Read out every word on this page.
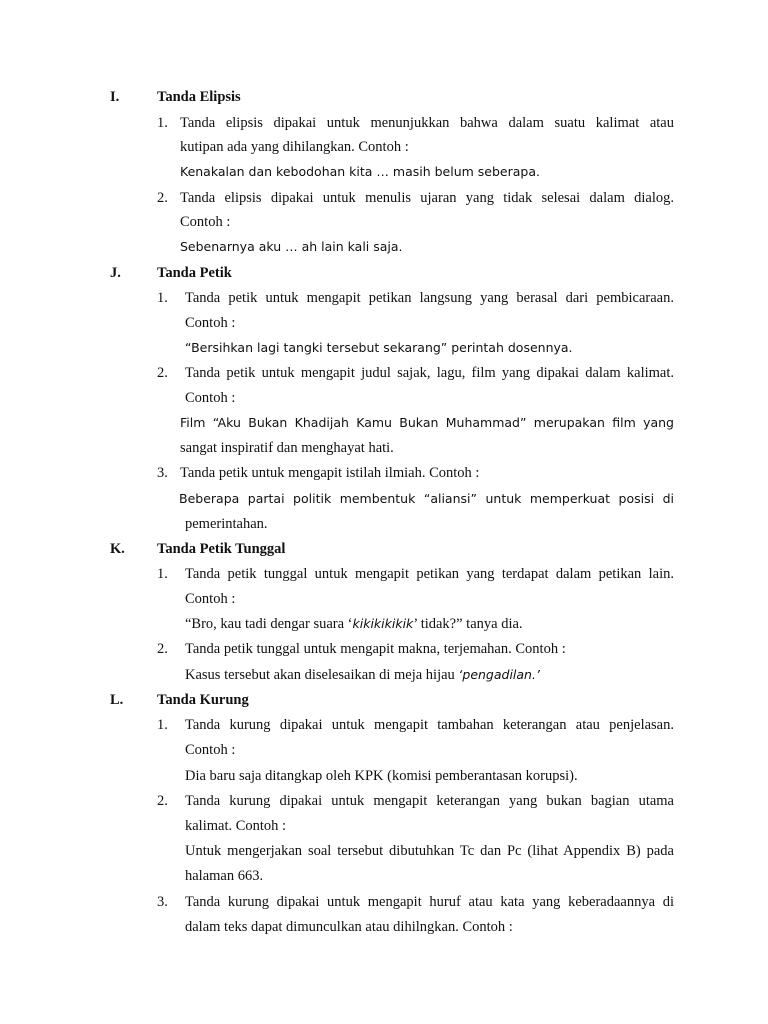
I.	Tanda Elipsis
1. Tanda elipsis dipakai untuk menunjukkan bahwa dalam suatu kalimat atau
kutipan ada yang dihilangkan. Contoh :
Kenakalan dan kebodohan kita … masih belum seberapa.
2. Tanda elipsis dipakai untuk menulis ujaran yang tidak selesai dalam dialog.
Contoh :
Sebenarnya aku … ah lain kali saja.
J. Tanda Petik
1. Tanda petik untuk mengapit petikan langsung yang berasal dari pembicaraan.
Contoh :
“Bersihkan lagi tangki tersebut sekarang” perintah dosennya.
2. Tanda petik untuk mengapit judul sajak, lagu, film yang dipakai dalam kalimat.
Contoh :
Film “Aku Bukan Khadijah Kamu Bukan Muhammad” merupakan film yang
sangat inspiratif dan menghayat hati.
3. Tanda petik untuk mengapit istilah ilmiah. Contoh :
Beberapa partai politik membentuk “aliansi” untuk memperkuat posisi di
pemerintahan.
K. Tanda Petik Tunggal
1. Tanda petik tunggal untuk mengapit petikan yang terdapat dalam petikan lain.
Contoh :
“Bro, kau tadi dengar suara ‘kikikikikik’ tidak?” tanya dia.
2. Tanda petik tunggal untuk mengapit makna, terjemahan. Contoh :
Kasus tersebut akan diselesaikan di meja hijau ‘pengadilan.’
L. Tanda Kurung
1. Tanda kurung dipakai untuk mengapit tambahan keterangan atau penjelasan.
Contoh :
Dia baru saja ditangkap oleh KPK (komisi pemberantasan korupsi).
2. Tanda kurung dipakai untuk mengapit keterangan yang bukan bagian utama
kalimat. Contoh :
Untuk mengerjakan soal tersebut dibutuhkan Tc dan Pc (lihat Appendix B) pada
halaman 663.
3. Tanda kurung dipakai untuk mengapit huruf atau kata yang keberadaannya di
dalam teks dapat dimunculkan atau dihilngkan. Contoh :
